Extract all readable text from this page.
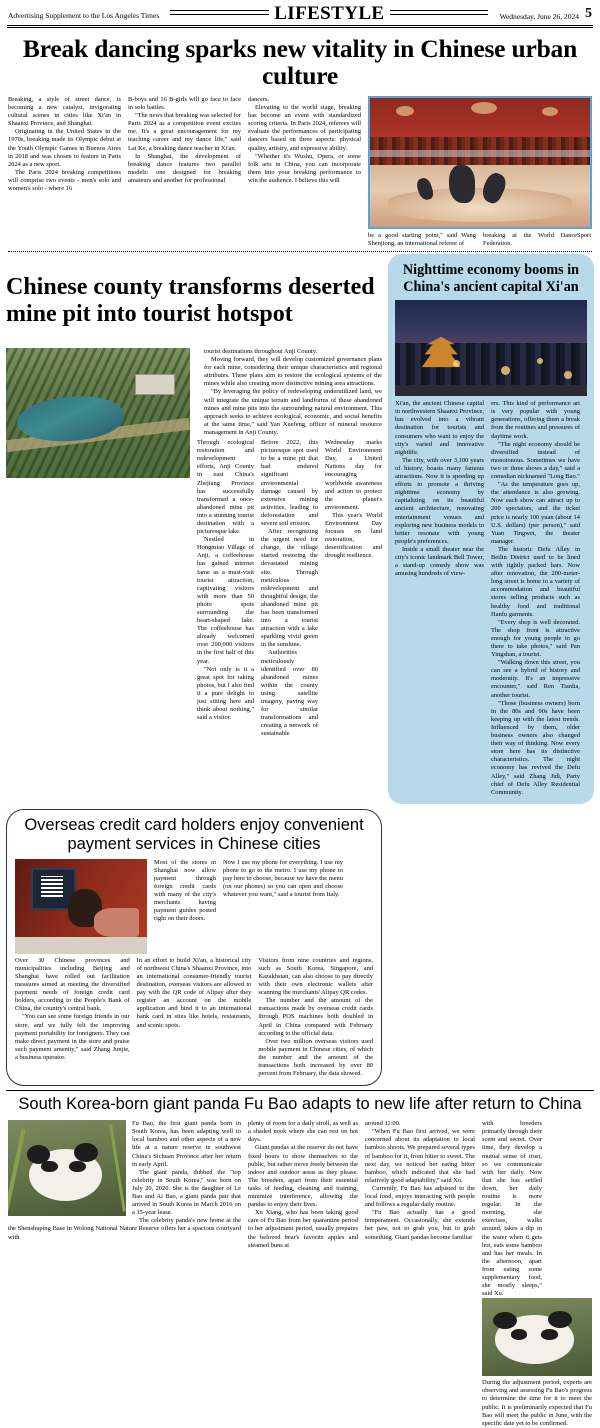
Advertising Supplement to the Los Angeles Times	LIFESTYLE	Wednesday, June 26, 2024 5
Break dancing sparks new vitality in Chinese urban culture

Breaking, a style of street dance, is becoming a new catalyst, invigorating cultural scenes in cities like Xi'an in Shaanxi Province, and Shanghai.

Originating in the United States in the 1970s, breaking made its Olympic debut at the Youth Olympic Games in Buenos Aires in 2018 and was chosen to feature in Paris 2024 as a new sport.

The Paris 2024 breaking competitions will comprise two events - men's solo and women's solo - where 16

B-boys and 16 B-girls will go face to face in solo battles.

"The news that breaking was selected for Paris 2024 as a competition event excites me. It's a great encouragement for my teaching career and my dance life," said Lai Ke, a breaking dance teacher in Xi'an.

In Shanghai, the development of breaking dance features two parallel models: one designed for breaking amateurs and another for professional

dancers.

Elevating to the world stage, breaking has become an event with standardized scoring criteria. In Paris 2024, referees will evaluate the performances of participating dancers based on three aspects: physical quality, artistry, and expressive ability.

"Whether it's Wushu, Opera, or some folk arts in China, you can incorporate them into your breaking performance to win the audience. I believe this will

be a good starting point," said Wang Shenjiong, an international referee of

breaking at the World DanceSport Federation.

Chinese county transforms deserted mine pit into tourist hotspot

tourist destinations throughout Anji County.

Moving forward, they will develop customized governance plans for each mine, considering their unique characteristics and regional attributes. These plans aim to restore the ecological systems of the mines while also creating more distinctive mining area attractions.

"By leveraging the policy of redeveloping underutilized land, we will integrate the unique terrain and landforms of these abandoned mines and mine pits into the surrounding natural environment. This approach seeks to achieve ecological, economic, and social benefits at the same time," said Yan Xuefeng, officer of mineral resource management in Anji County.

Through ecological restoration and redevelopment efforts, Anji County in east China's Zhejiang Province has successfully transformed a once-abandoned mine pit into a stunning tourist destination with a picturesque lake.

Nestled in Hongmiao Village of Anji, a coffeehouse has gained internet fame as a must-visit tourist attraction, captivating visitors with more than 50 photo spots surrounding the heart-shaped lake. The coffeehouse has already welcomed over 200,000 visitors in the first half of this year.

"Not only is it a great spot for taking photos, but I also find it a pure delight to just sitting here and think about nothing," said a visitor.

Before 2022, this picturesque spot used to be a mine pit that had endured significant environmental damage caused by extensive mining activities, leading to deforestation and severe soil erosion.

After recognizing the urgent need for change, the village started restoring the devastated mining site. Through meticulous redevelopment and thoughtful design, the abandoned mine pit has been transformed into a tourist attraction with a lake sparkling vivid green in the sunshine.

Authorities meticulously identified over 80 abandoned mines within the county using satellite imagery, paving way for similar transformations and creating a network of sustainable

Wednesday marks World Environment Day, a United Nations day for encouraging worldwide awareness and action to protect the planet's environment.

This year's World Environment Day focuses on land restoration, desertification and drought resilience.

Nighttime economy booms in China's ancient capital Xi'an

Xi'an, the ancient Chinese capital in northwestern Shaanxi Province, has evolved into a vibrant destination for tourists and consumers who want to enjoy the city's varied and innovative nightlife.

The city, with over 3,100 years of history, boasts many famous attractions. Now it is speeding up efforts to promote a thriving nighttime economy by capitalizing on its beautiful ancient architecture, renovating entertainment venues and exploring new business models to better resonate with young people's preferences.

Inside a small theater near the city's iconic landmark Bell Tower, a stand-up comedy show was amusing hundreds of view-

ers. This kind of performance art is very popular with young generations, offering them a break from the routines and pressures of daytime work.

"The night economy should be diversified instead of monotonous. Sometimes we have two or three shows a day," said a comedian nicknamed "Long Bao."

"As the temperature goes up, the attendance is also growing. Now each show can attract up to 200 spectators, and the ticket price is nearly 100 yuan (about 14 U.S. dollars) (per person)," said Yuan Tingwei, the theater manager.

The historic Defu Alley in Beilin District used to be lined with tightly packed bars. Now after renovation, the 200-meter-long street is home to a variety of accommodation and beautiful stores selling products such as healthy food and traditional Hanfu garments.

"Every shop is well decorated. The shop front is attractive enough for young people to go there to take photos," said Pan Yingshan, a tourist.

"Walking down this street, you can see a hybrid of history and modernity. It's an impressive encounter," said Ren Tianlia, another tourist.

"Those (business owners) born in the 80s and 90s have been keeping up with the latest trends. Influenced by them, older business owners also changed their way of thinking. Now every store here has its distinctive characteristics. The night economy has revived the Defu Alley," said Zhang Jidi, Party chief of Defu Alley Residential Community.

Overseas credit card holders enjoy convenient payment services in Chinese cities

Most of the stores in Shanghai now allow payment through foreign credit cards with many of the city's merchants having payment guides posted right on their doors.

Now I use my phone for everything. I use my phone to go to the metro. I use my phone to pay here to choose, because we have the menu (on our phones) so you can open and choose whatever you want," said a tourist from Italy.

Over 30 Chinese provinces and municipalities including Beijing and Shanghai have rolled out facilitation measures aimed at meeting the diversified payment needs of foreign credit card holders, according to the People's Bank of China, the country's central bank.

"You can see some foreign friends in our store, and we fully felt the improving payment portability for foreigners. They can make direct payment in the store and praise such payment amenity," said Zhang Junjie, a business operator.

In an effort to build Xi'an, a historical city of northwest China's Shaanxi Province, into an international consumer-friendly tourist destination, overseas visitors are allowed to pay with the QR code of Alipay after they register an account on the mobile application and bind it to an international bank card in sites like hotels, restaurants, and scenic spots.

Visitors from nine countries and regions, such as South Korea, Singapore, and Kazakhstan, can also choose to pay directly with their own electronic wallets after scanning the merchants' Alipay QR codes.

The number and the amount of the transactions made by overseas credit cards through POS machines both doubled in April in China compared with February according to the official data.

Over two million overseas visitors used mobile payment in Chinese cities, of which the number and the amount of the transactions both increased by over 80 percent from February, the data showed.

South Korea-born giant panda Fu Bao adapts to new life after return to China

Fu Bao, the first giant panda born in South Korea, has been adapting well to local bamboo and other aspects of a new life at a nature reserve in southwest China's Sichuan Province after her return in early April.

The giant panda, dubbed the "top celebrity in South Korea," was born on July 20, 2020. She is the daughter of Le Bao and Ai Bao, a giant panda pair that arrived in South Korea in March 2016 on a 15-year lease.

The celebrity panda's new home at the the Shenshuping Base in Wolong National Nature Reserve offers her a spacious courtyard with

plenty of room for a daily stroll, as well as a shaded nook where she can rest on hot days.

Giant pandas at the reserve do not have fixed hours to show themselves to the public, but rather move freely between the indoor and outdoor areas as they please. The breeders, apart from their essential tasks of feeding, cleaning and training, minimize interference, allowing the pandas to enjoy their lives.

Xu Xiang, who has been taking good care of Fu Bao from her quarantine period to her adjustment period, usually prepares the beloved bear's favorite apples and steamed buns at

around 11:00.

"When Fu Bao first arrived, we were concerned about its adaptation to local bamboo shoots. We prepared several types of bamboo for it, from bitter to sweet. The next day, we noticed her eating bitter bamboo, which indicated that she had relatively good adaptability," said Xu.

Currently, Fu Bao has adjusted to the local food, enjoys interacting with people and follows a regular daily routine.

"Fu Bao actually has a good temperament. Occasionally, she extends her paw, not to grab you, but to grab something. Giant pandas become familiar

with breeders primarily through their scent and secret. Over time, they develop a mutual sense of trust, so we communicate with her daily. Now that she has settled down, her daily routine is more regular. In the morning, she exercises, walks around, takes a dip in the water when it gets hot, eats some bamboo and has her meals. In the afternoon, apart from eating some supplementary food, she mostly sleeps," said Xu.

During the adjustment period, experts are observing and assessing Fu Bao's progress to determine the time for it to meet the public. It is preliminarily expected that Fu Bao will meet the public in June, with the specific date yet to be confirmed.
